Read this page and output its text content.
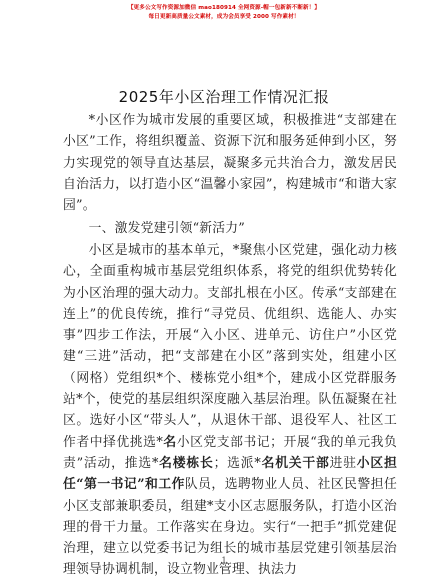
【更多公文写作资源加微信 mao180914 全网资源-帽一包新新不断新！】
每日更新高质量公文素材，成为会员享受 2000 写作素材！
2025年小区治理工作情况汇报
*小区作为城市发展的重要区域，积极推进“支部建在小区”工作，将组织覆盖、资源下沉和服务延伸到小区，努力实现党的领导直达基层，凝聚多元共治合力，激发居民自治活力，以打造小区“温馨小家园”，构建城市“和谐大家园”。
一、激发党建引领“新活力”
小区是城市的基本单元，*聚焦小区党建，强化动力核心，全面重构城市基层党组织体系，将党的组织优势转化为小区治理的强大动力。支部扎根在小区。传承“支部建在连上”的优良传统，推行“寻党员、优组织、选能人、办实事”四步工作法，开展“入小区、进单元、访住户”小区党建“三进”活动，把“支部建在小区”落到实处，组建小区（网格）党组织*个、楼栋党小组*个，建成小区党群服务站*个，使党的基层组织深度融入基层治理。队伍凝聚在社区。选好小区“带头人”，从退休干部、退役军人、社区工作者中择优挑选*名小区党支部书记；开展“我的单元我负责”活动，推选*名楼栋长；选派*名机关干部进驻小区担任“第一书记”和工作队员，选聘物业人员、社区民警担任小区支部兼职委员，组建*支小区志愿服务队，打造小区治理的骨干力量。工作落实在身边。实行“一把手”抓党建促治理，建立以党委书记为组长的城市基层党建引领基层治理领导协调机制，设立物业管理、执法力
1
